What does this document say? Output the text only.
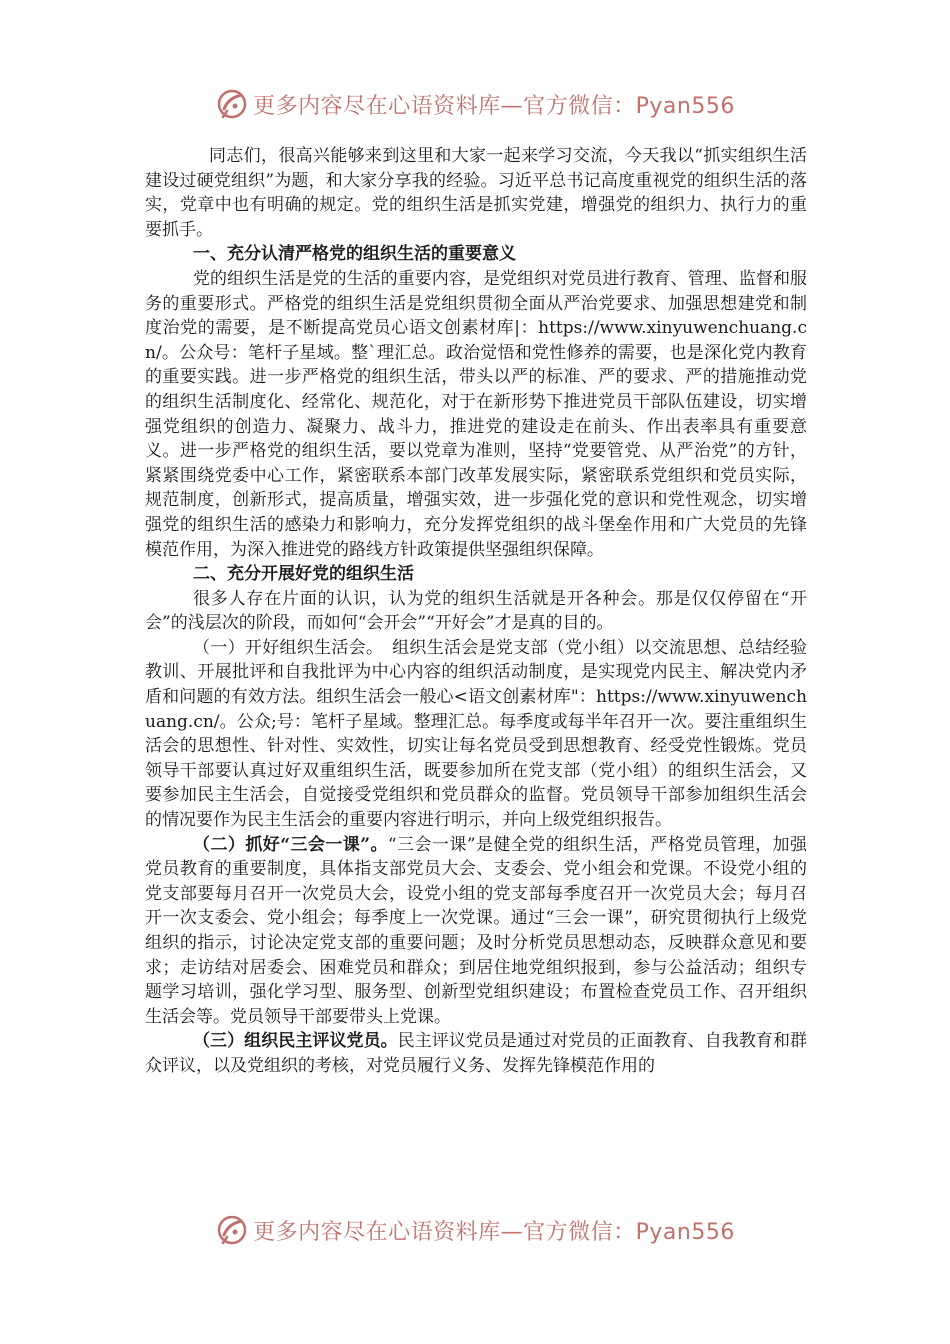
更多内容尽在心语资料库—官方微信：Pyan556

同志们，很高兴能够来到这里和大家一起来学习交流，今天我以“抓实组织生活 建设过硬党组织”为题，和大家分享我的经验。习近平总书记高度重视党的组织生活的落实，党章中也有明确的规定。党的组织生活是抓实党建，增强党的组织力、执行力的重要抓手。

一、充分认清严格党的组织生活的重要意义

党的组织生活是党的生活的重要内容，是党组织对党员进行教育、管理、监督和服务的重要形式。严格党的组织生活是党组织贯彻全面从严治党要求、加强思想建党和制度治党的需要，是不断提高党员心语文创素材库|：https://www.xinyuwenchuang.cn/。公众号：笔杆子星域。整`理汇总。政治觉悟和党性修养的需要，也是深化党内教育的重要实践。进一步严格党的组织生活，带头以严的标准、严的要求、严的措施推动党的组织生活制度化、经常化、规范化，对于在新形势下推进党员干部队伍建设，切实增强党组织的创造力、凝聚力、战斗力，推进党的建设走在前头、作出表率具有重要意义。进一步严格党的组织生活，要以党章为准则，坚持“党要管党、从严治党”的方针，紧紧围绕党委中心工作，紧密联系本部门改革发展实际，紧密联系党组织和党员实际，规范制度，创新形式，提高质量，增强实效，进一步强化党的意识和党性观念，切实增强党的组织生活的感染力和影响力，充分发挥党组织的战斗堡垒作用和广大党员的先锋模范作用，为深入推进党的路线方针政策提供坚强组织保障。

二、充分开展好党的组织生活

很多人存在片面的认识，认为党的组织生活就是开各种会。那是仅仅停留在“开会”的浅层次的阶段，而如何“会开会”“开好会”才是真的目的。

（一）开好组织生活会。　组织生活会是党支部（党小组）以交流思想、总结经验教训、开展批评和自我批评为中心内容的组织活动制度，是实现党内民主、解决党内矛盾和问题的有效方法。组织生活会一般心<语文创素材库"：https://www.xinyuwenchuang.cn/。公众;号：笔杆子星域。整理汇总。每季度或每半年召开一次。要注重组织生活会的思想性、针对性、实效性，切实让每名党员受到思想教育、经受党性锻炼。党员领导干部要认真过好双重组织生活，既要参加所在党支部（党小组）的组织生活会，又要参加民主生活会，自觉接受党组织和党员群众的监督。党员领导干部参加组织生活会的情况要作为民主生活会的重要内容进行明示，并向上级党组织报告。

（二）抓好“三会一课”。“三会一课”是健全党的组织生活，严格党员管理，加强党员教育的重要制度，具体指支部党员大会、支委会、党小组会和党课。不设党小组的党支部要每月召开一次党员大会，设党小组的党支部每季度召开一次党员大会；每月召开一次支委会、党小组会；每季度上一次党课。通过“三会一课”，研究贯彻执行上级党组织的指示，讨论决定党支部的重要问题；及时分析党员思想动态，反映群众意见和要求；走访结对居委会、困难党员和群众；到居住地党组织报到，参与公益活动；组织专题学习培训，强化学习型、服务型、创新型党组织建设；布置检查党员工作、召开组织生活会等。党员领导干部要带头上党课。

（三）组织民主评议党员。民主评议党员是通过对党员的正面教育、自我教育和群众评议，以及党组织的考核，对党员履行义务、发挥先锋模范作用的

更多内容尽在心语资料库—官方微信：Pyan556
